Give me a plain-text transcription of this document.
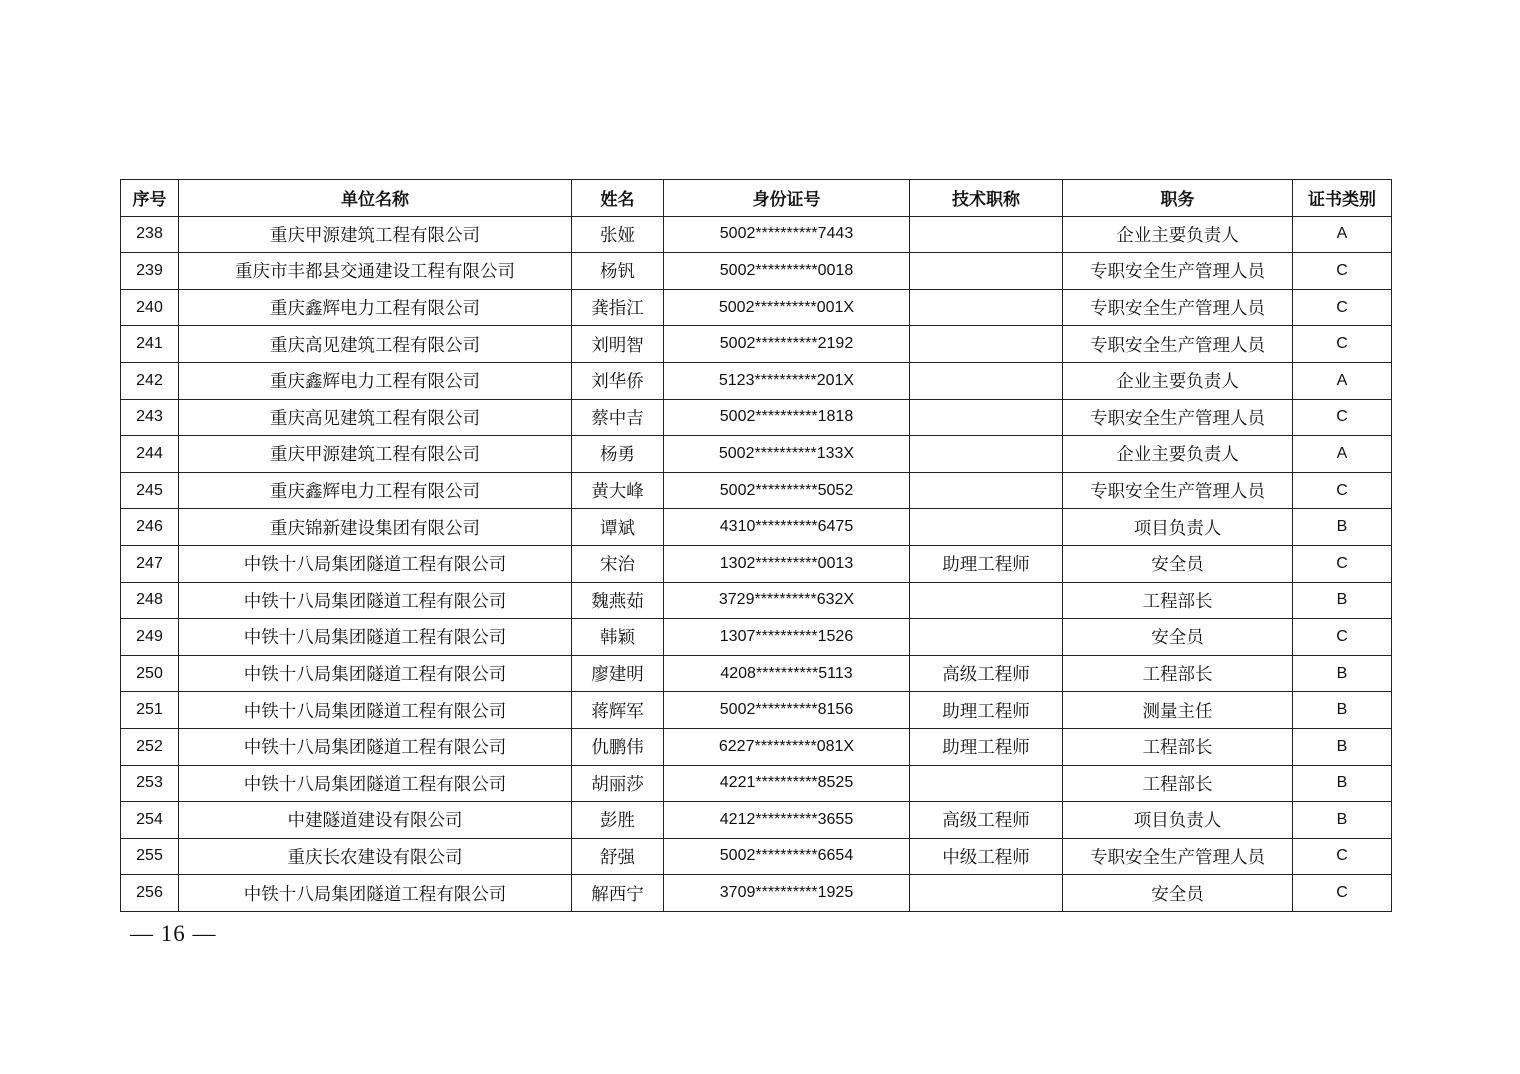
序号	单位名称	姓名	身份证号	技术职称	职务	证书类别
238	重庆甲源建筑工程有限公司	张娅	5002**********7443		企业主要负责人	A
239	重庆市丰都县交通建设工程有限公司	杨钒	5002**********0018		专职安全生产管理人员	C
240	重庆鑫辉电力工程有限公司	龚指江	5002**********001X		专职安全生产管理人员	C
241	重庆高见建筑工程有限公司	刘明智	5002**********2192		专职安全生产管理人员	C
242	重庆鑫辉电力工程有限公司	刘华侨	5123**********201X		企业主要负责人	A
243	重庆高见建筑工程有限公司	蔡中吉	5002**********1818		专职安全生产管理人员	C
244	重庆甲源建筑工程有限公司	杨勇	5002**********133X		企业主要负责人	A
245	重庆鑫辉电力工程有限公司	黄大峰	5002**********5052		专职安全生产管理人员	C
246	重庆锦新建设集团有限公司	谭斌	4310**********6475		项目负责人	B
247	中铁十八局集团隧道工程有限公司	宋治	1302**********0013	助理工程师	安全员	C
248	中铁十八局集团隧道工程有限公司	魏燕茹	3729**********632X		工程部长	B
249	中铁十八局集团隧道工程有限公司	韩颖	1307**********1526		安全员	C
250	中铁十八局集团隧道工程有限公司	廖建明	4208**********5113	高级工程师	工程部长	B
251	中铁十八局集团隧道工程有限公司	蒋辉军	5002**********8156	助理工程师	测量主任	B
252	中铁十八局集团隧道工程有限公司	仇鹏伟	6227**********081X	助理工程师	工程部长	B
253	中铁十八局集团隧道工程有限公司	胡丽莎	4221**********8525		工程部长	B
254	中建隧道建设有限公司	彭胜	4212**********3655	高级工程师	项目负责人	B
255	重庆长农建设有限公司	舒强	5002**********6654	中级工程师	专职安全生产管理人员	C
256	中铁十八局集团隧道工程有限公司	解西宁	3709**********1925		安全员	C
— 16 —
